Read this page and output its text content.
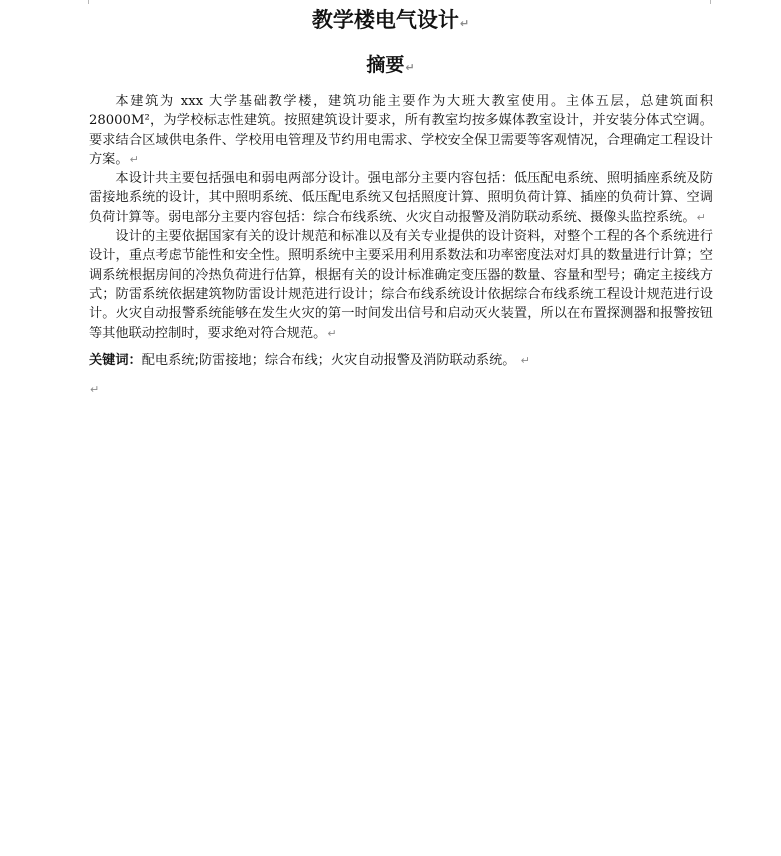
教学楼电气设计↵
摘要↵

本建筑为 xxx 大学基础教学楼，建筑功能主要作为大班大教室使用。主体五层，总建筑面积 28000M²，为学校标志性建筑。按照建筑设计要求，所有教室均按多媒体教室设计，并安装分体式空调。要求结合区域供电条件、学校用电管理及节约用电需求、学校安全保卫需要等客观情况，合理确定工程设计方案。↵

本设计共主要包括强电和弱电两部分设计。强电部分主要内容包括：低压配电系统、照明插座系统及防雷接地系统的设计，其中照明系统、低压配电系统又包括照度计算、照明负荷计算、插座的负荷计算、空调负荷计算等。弱电部分主要内容包括：综合布线系统、火灾自动报警及消防联动系统、摄像头监控系统。↵

设计的主要依据国家有关的设计规范和标准以及有关专业提供的设计资料，对整个工程的各个系统进行设计，重点考虑节能性和安全性。照明系统中主要采用利用系数法和功率密度法对灯具的数量进行计算；空调系统根据房间的冷热负荷进行估算，根据有关的设计标准确定变压器的数量、容量和型号；确定主接线方式；防雷系统依据建筑物防雷设计规范进行设计；综合布线系统设计依据综合布线系统工程设计规范进行设计。火灾自动报警系统能够在发生火灾的第一时间发出信号和启动灭火装置，所以在布置探测器和报警按钮等其他联动控制时，要求绝对符合规范。↵

关键词：配电系统;防雷接地；综合布线；火灾自动报警及消防联动系统。 ↵

↵
